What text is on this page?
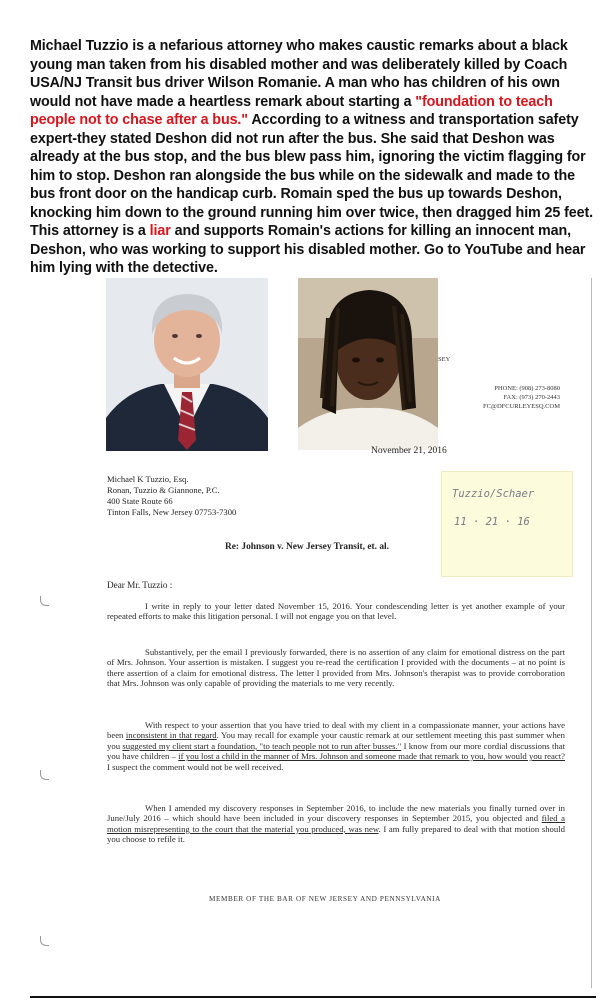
Michael Tuzzio is a nefarious attorney who makes caustic remarks about a black young man taken from his disabled mother and was deliberately killed by Coach USA/NJ Transit bus driver Wilson Romanie. A man who has children of his own would not have made a heartless remark about starting a "foundation to teach people not to chase after a bus." According to a witness and transportation safety expert-they stated Deshon did not run after the bus. She said that Deshon was already at the bus stop, and the bus blew pass him, ignoring the victim flagging for him to stop. Deshon ran alongside the bus while on the sidewalk and made to the bus front door on the handicap curb. Romain sped the bus up towards Deshon, knocking him down to the ground running him over twice, then dragged him 25 feet. This attorney is a liar and supports Romain's actions for killing an innocent man, Deshon, who was working to support his disabled mother. Go to YouTube and hear him lying with the detective.
SEY
PHONE: (908) 273-8080
FAX: (973) 270-2443
FC@DFCURLEYESQ.COM
November 21, 2016
Michael K Tuzzio, Esq.
Ronan, Tuzzio & Giannone, P.C.
400 State Route 66
Tinton Falls, New Jersey 07753-7300
Tuzzio/Schaer
11 · 21 · 16
Re: Johnson v. New Jersey Transit, et. al.
Dear Mr. Tuzzio :
I write in reply to your letter dated November 15, 2016. Your condescending letter is yet another example of your repeated efforts to make this litigation personal. I will not engage you on that level.
Substantively, per the email I previously forwarded, there is no assertion of any claim for emotional distress on the part of Mrs. Johnson. Your assertion is mistaken. I suggest you re-read the certification I provided with the documents – at no point is there assertion of a claim for emotional distress. The letter I provided from Mrs. Johnson's therapist was to provide corroboration that Mrs. Johnson was only capable of providing the materials to me very recently.
With respect to your assertion that you have tried to deal with my client in a compassionate manner, your actions have been inconsistent in that regard. You may recall for example your caustic remark at our settlement meeting this past summer when you suggested my client start a foundation, "to teach people not to run after busses." I know from our more cordial discussions that you have children – if you lost a child in the manner of Mrs. Johnson and someone made that remark to you, how would you react? I suspect the comment would not be well received.
When I amended my discovery responses in September 2016, to include the new materials you finally turned over in June/July 2016 – which should have been included in your discovery responses in September 2015, you objected and filed a motion misrepresenting to the court that the material you produced, was new. I am fully prepared to deal with that motion should you choose to refile it.
MEMBER OF THE BAR OF NEW JERSEY AND PENNSYLVANIA
